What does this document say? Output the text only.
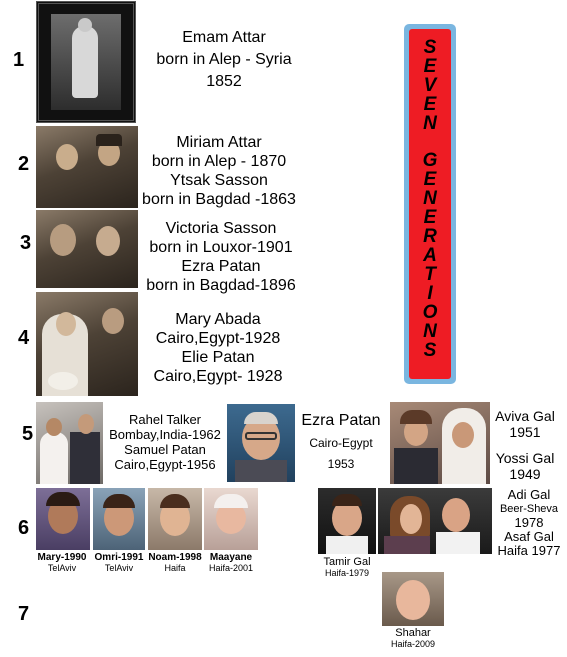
1
2
3
4
5
6
7
Emam Attar
born in Alep - Syria
1852
S
E
V
E
N
G
E
N
E
R
A
T
I
O
N
S
Miriam Attar
born in Alep - 1870
Ytsak Sasson
born in Bagdad -1863
Victoria Sasson
born in Louxor-1901
Ezra Patan
born in Bagdad-1896
Mary Abada
Cairo,Egypt-1928
Elie Patan
Cairo,Egypt- 1928
Rahel Talker
Bombay,India-1962
Samuel Patan
Cairo,Egypt-1956
Ezra Patan
Cairo-Egypt
1953
Aviva Gal
1951
Yossi Gal
1949
Mary-1990
TelAviv
Omri-1991
TelAviv
Noam-1998
Haifa
Maayane
Haifa-2001	Tamir Gal
Haifa-1979
Adi Gal
Beer-Sheva
1978
Asaf Gal
Haifa 1977
Shahar
Haifa-2009
